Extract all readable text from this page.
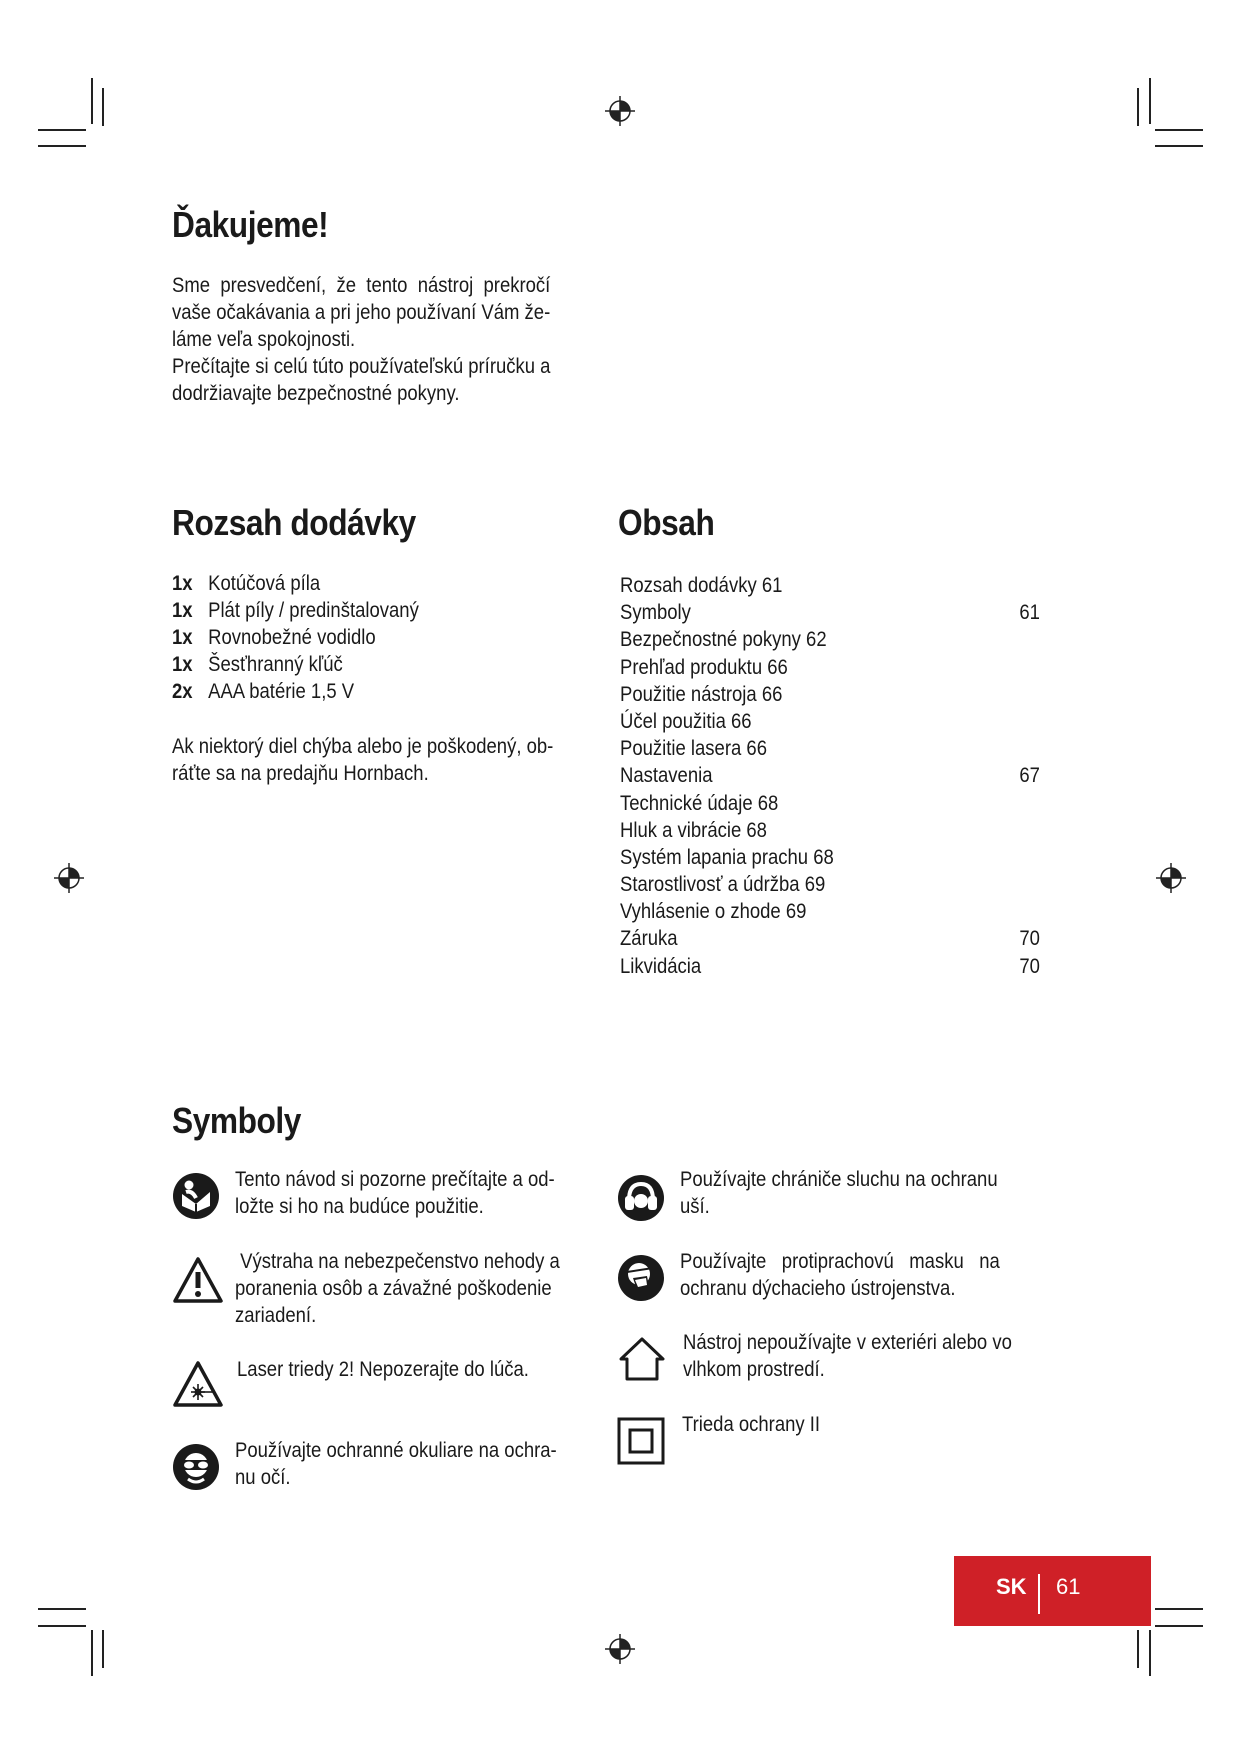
Ďakujeme!
Sme presvedčení, že tento nástroj prekročí
vaše očakávania a pri jeho používaní Vám že-
láme veľa spokojnosti.
Prečítajte si celú túto používateľskú príručku a
dodržiavajte bezpečnostné pokyny.
Rozsah dodávky
1x Kotúčová píla
1x Plát píly / predinštalovaný
1x Rovnobežné vodidlo
1x Šesťhranný kľúč
2x AAA batérie 1,5 V
Ak niektorý diel chýba alebo je poškodený, ob-
ráťte sa na predajňu Hornbach.
Obsah
Rozsah dodávky 61
Symboly	61
Bezpečnostné pokyny 62
Prehľad produktu 66
Použitie nástroja 66
Účel použitia 66
Použitie lasera 66
Nastavenia	67
Technické údaje 68
Hluk a vibrácie 68
Systém lapania prachu 68
Starostlivosť a údržba 69
Vyhlásenie o zhode 69
Záruka	70
Likvidácia	70
Symboly
Tento návod si pozorne prečítajte a od-
ložte si ho na budúce použitie.
Výstraha na nebezpečenstvo nehody a
poranenia osôb a závažné poškodenie
zariadení.
Laser triedy 2! Nepozerajte do lúča.
Používajte ochranné okuliare na ochra-
nu očí.
Používajte chrániče sluchu na ochranu
uší.
Používajte protiprachovú masku na
ochranu dýchacieho ústrojenstva.
Nástroj nepoužívajte v exteriéri alebo vo
vlhkom prostredí.
Trieda ochrany II
SK 61
